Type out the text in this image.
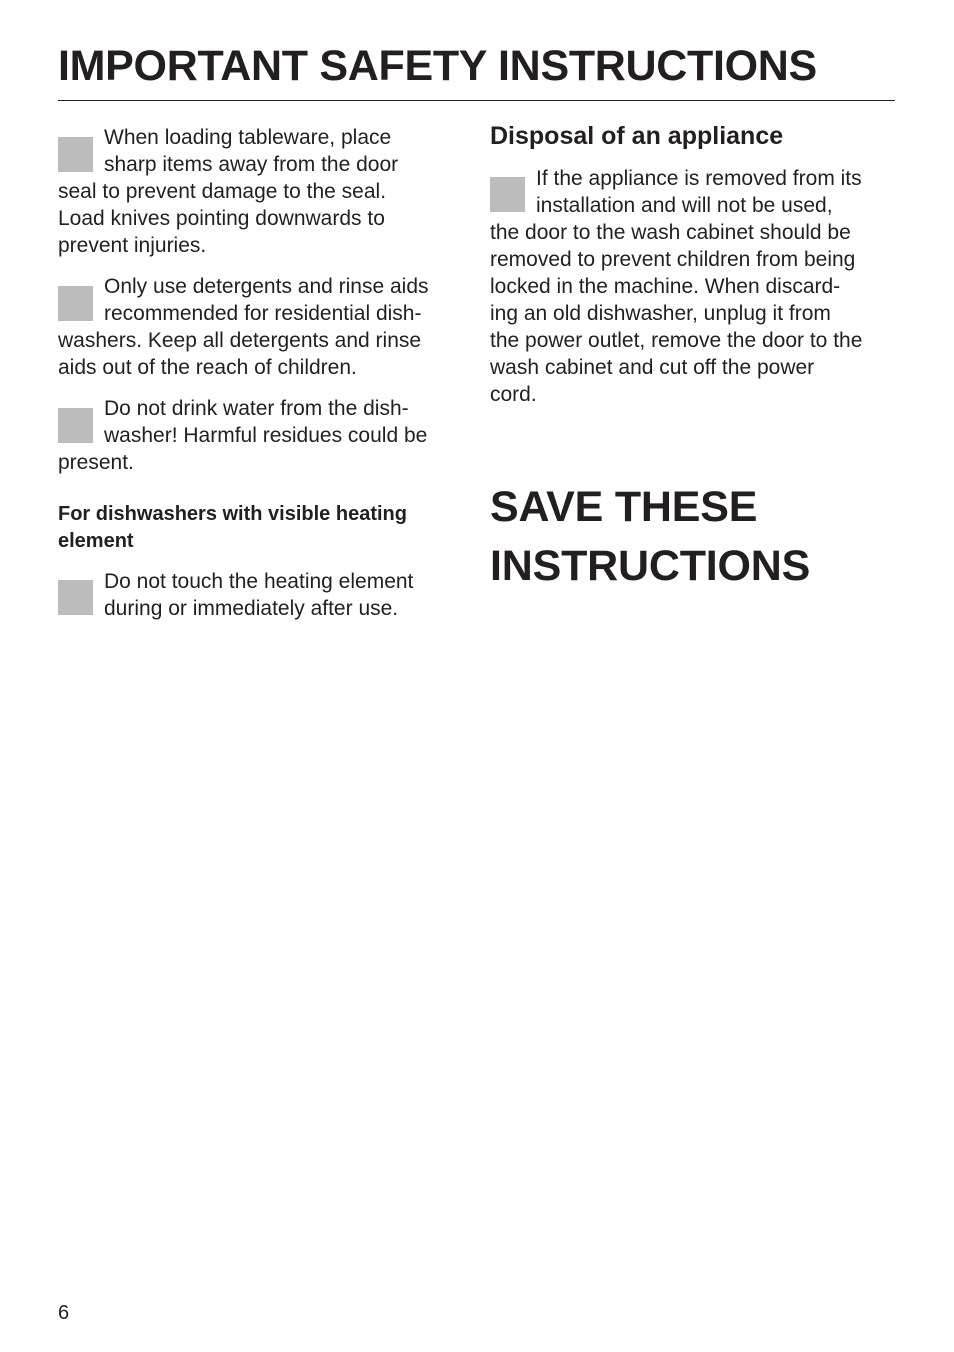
IMPORTANT SAFETY INSTRUCTIONS
When loading tableware, place
sharp items away from the door
seal to prevent damage to the seal.
Load knives pointing downwards to
prevent injuries.
Only use detergents and rinse aids
recommended for residential dish-
washers. Keep all detergents and rinse
aids out of the reach of children.
Do not drink water from the dish-
washer! Harmful residues could be
present.
For dishwashers with visible heating
element
Do not touch the heating element
during or immediately after use.
Disposal of an appliance
If the appliance is removed from its
installation and will not be used,
the door to the wash cabinet should be
removed to prevent children from being
locked in the machine. When discard-
ing an old dishwasher, unplug it from
the power outlet, remove the door to the
wash cabinet and cut off the power
cord.
SAVE THESE
INSTRUCTIONS
6
